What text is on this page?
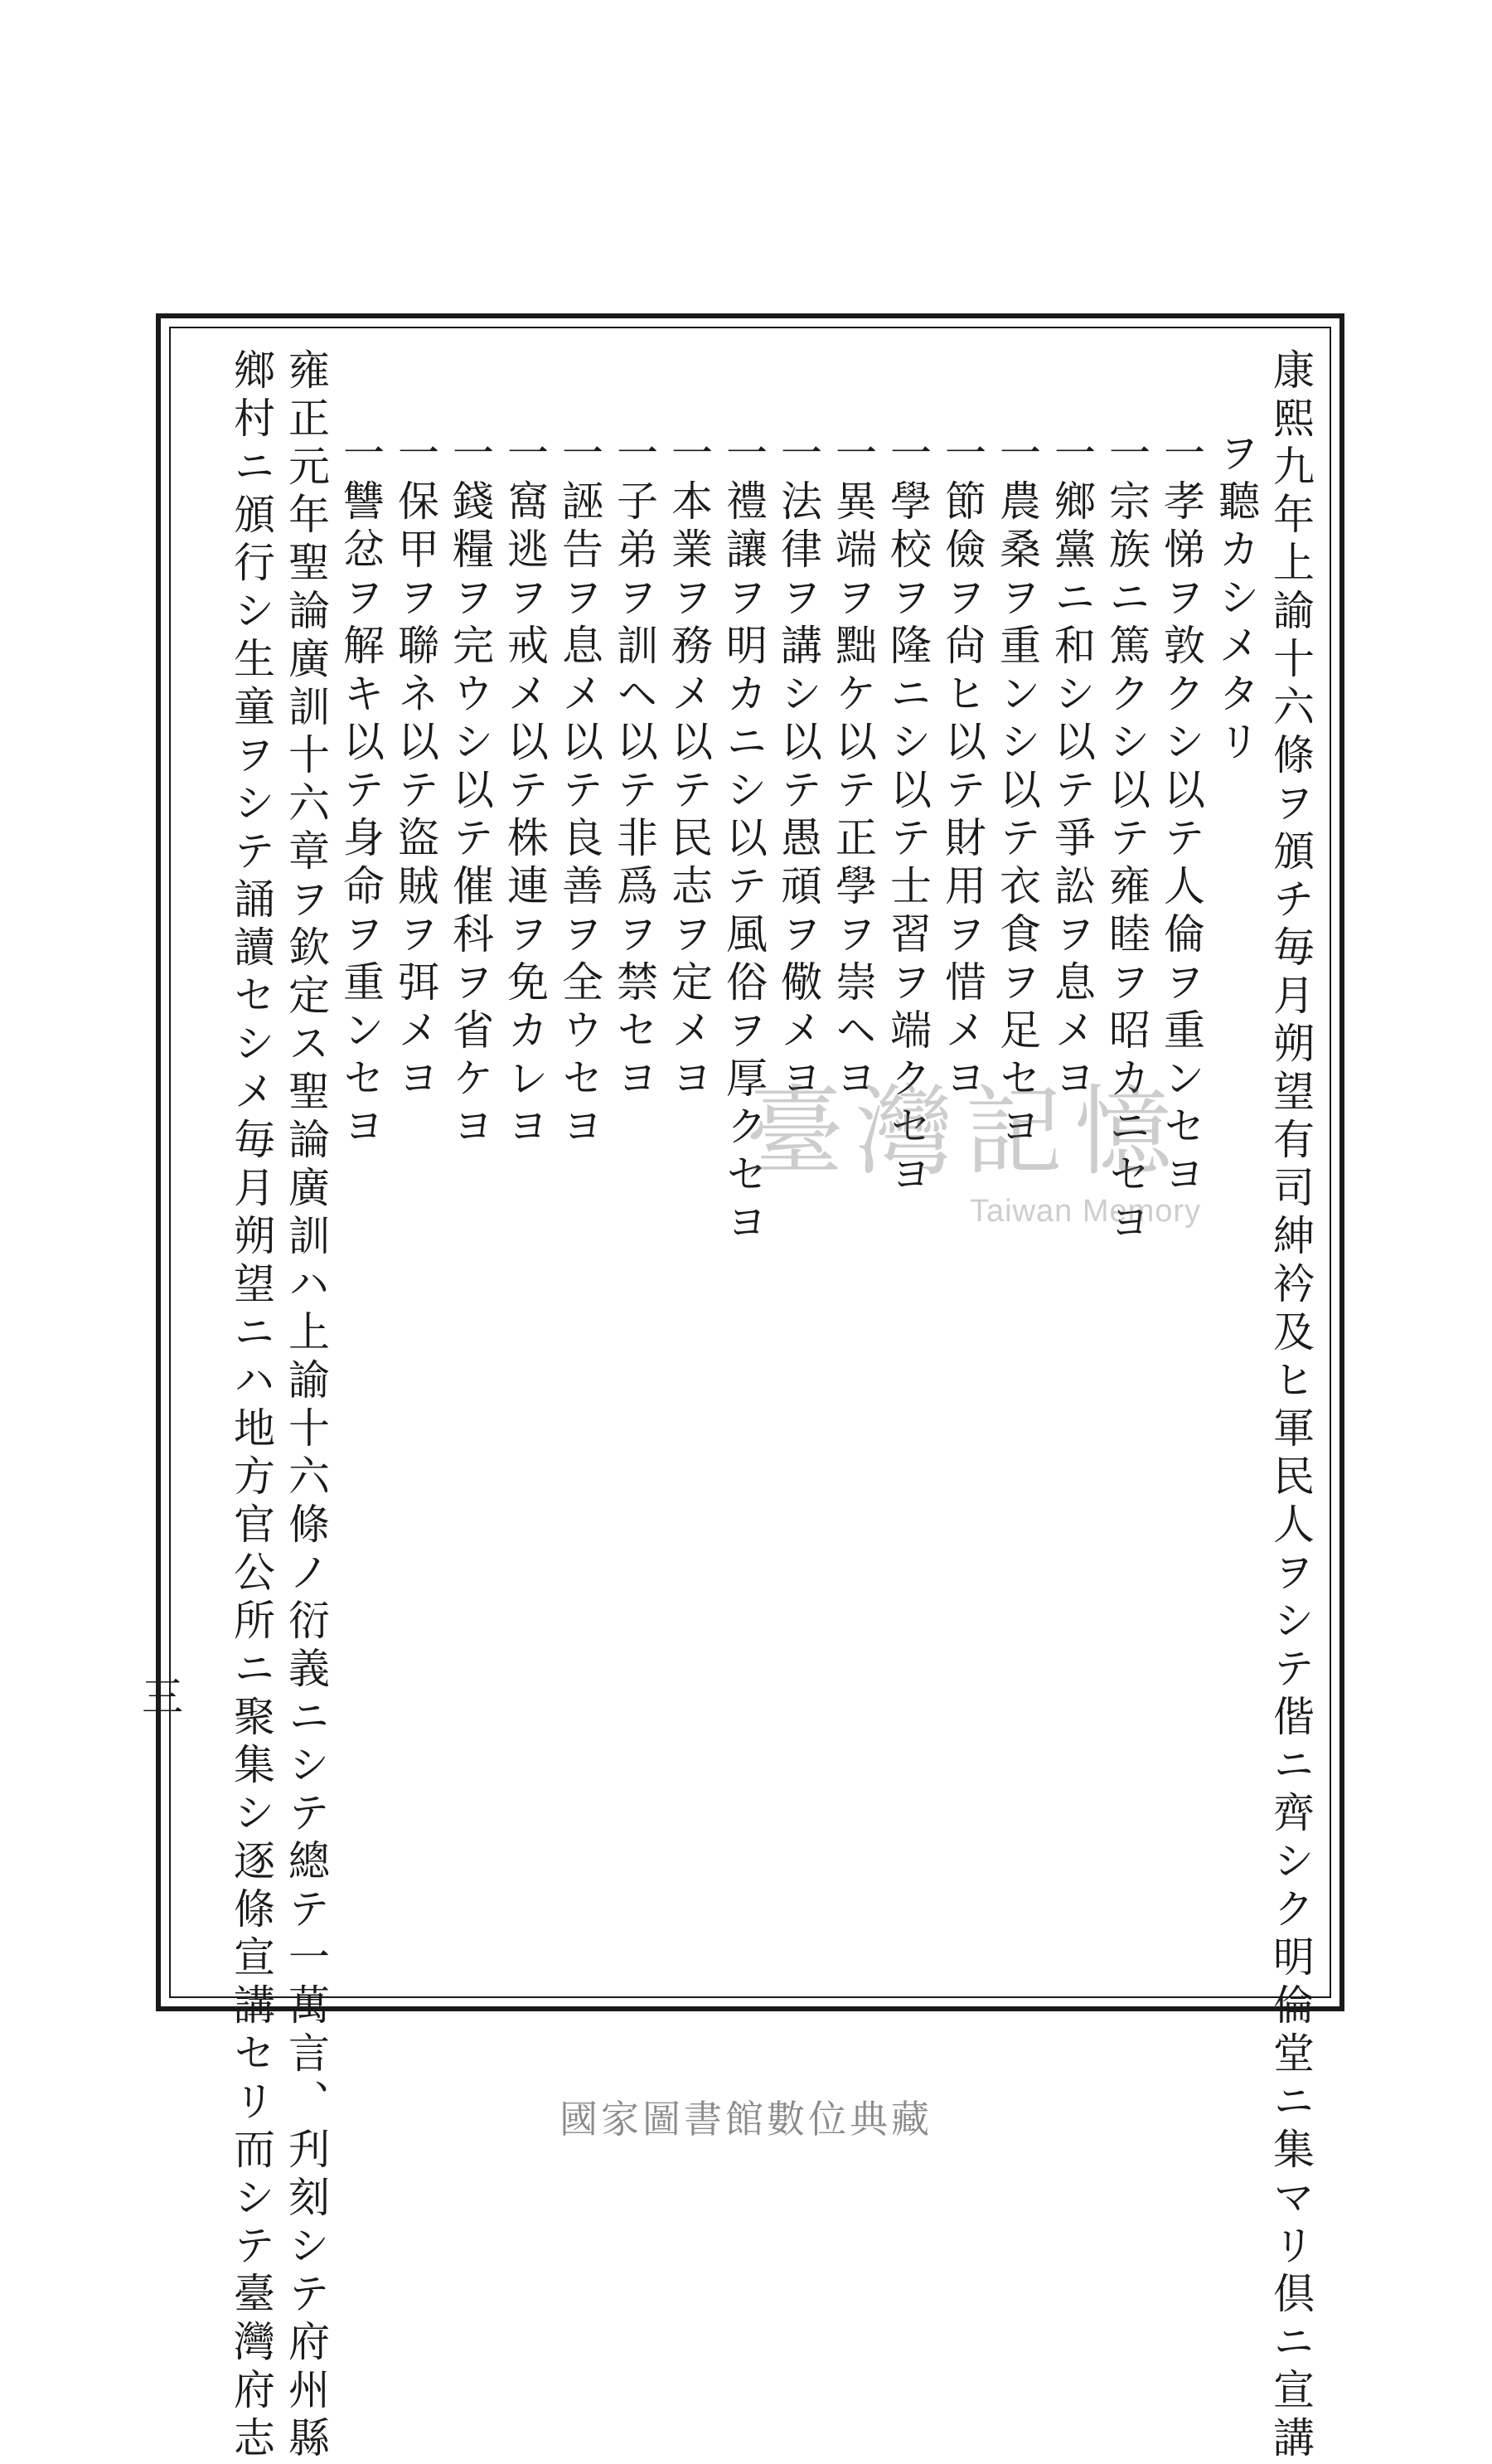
康熙九年上諭十六條ヲ頒チ毎月朔望有司紳衿及ヒ軍民人ヲシテ偕ニ齊シク明倫堂ニ集マリ倶ニ宣講
ヲ聽カシメタリ
一孝悌ヲ敦クシ以テ人倫ヲ重ンセヨ
一宗族ニ篤クシ以テ雍睦ヲ昭カニセヨ
一鄉黨ニ和シ以テ爭訟ヲ息メヨ
一農桑ヲ重ンシ以テ衣食ヲ足セヨ
一節儉ヲ尙ヒ以テ財用ヲ惜メヨ
一學校ヲ隆ニシ以テ士習ヲ端クセヨ
一異端ヲ黜ケ以テ正學ヲ崇ヘヨ
一法律ヲ講シ以テ愚頑ヲ儆メヨ
一禮讓ヲ明カニシ以テ風俗ヲ厚クセヨ
一本業ヲ務メ以テ民志ヲ定メヨ
一子弟ヲ訓ヘ以テ非爲ヲ禁セヨ
一誣告ヲ息メ以テ良善ヲ全ウセヨ
一窩逃ヲ戒メ以テ株連ヲ免カレヨ
一錢糧ヲ完ウシ以テ催科ヲ省ケヨ
一保甲ヲ聯ネ以テ盜賊ヲ弭メヨ
一讐忿ヲ解キ以テ身命ヲ重ンセヨ
雍正元年聖論廣訓十六章ヲ欽定ス聖論廣訓ハ上諭十六條ノ衍義ニシテ總テ一萬言、刋刻シテ府州縣
鄉村ニ頒行シ生童ヲシテ誦讀セシメ毎月朔望ニハ地方官公所ニ聚集シ逐條宣講セリ而シテ臺灣府志
三
臺灣記憶
Taiwan Memory
國家圖書館數位典藏
